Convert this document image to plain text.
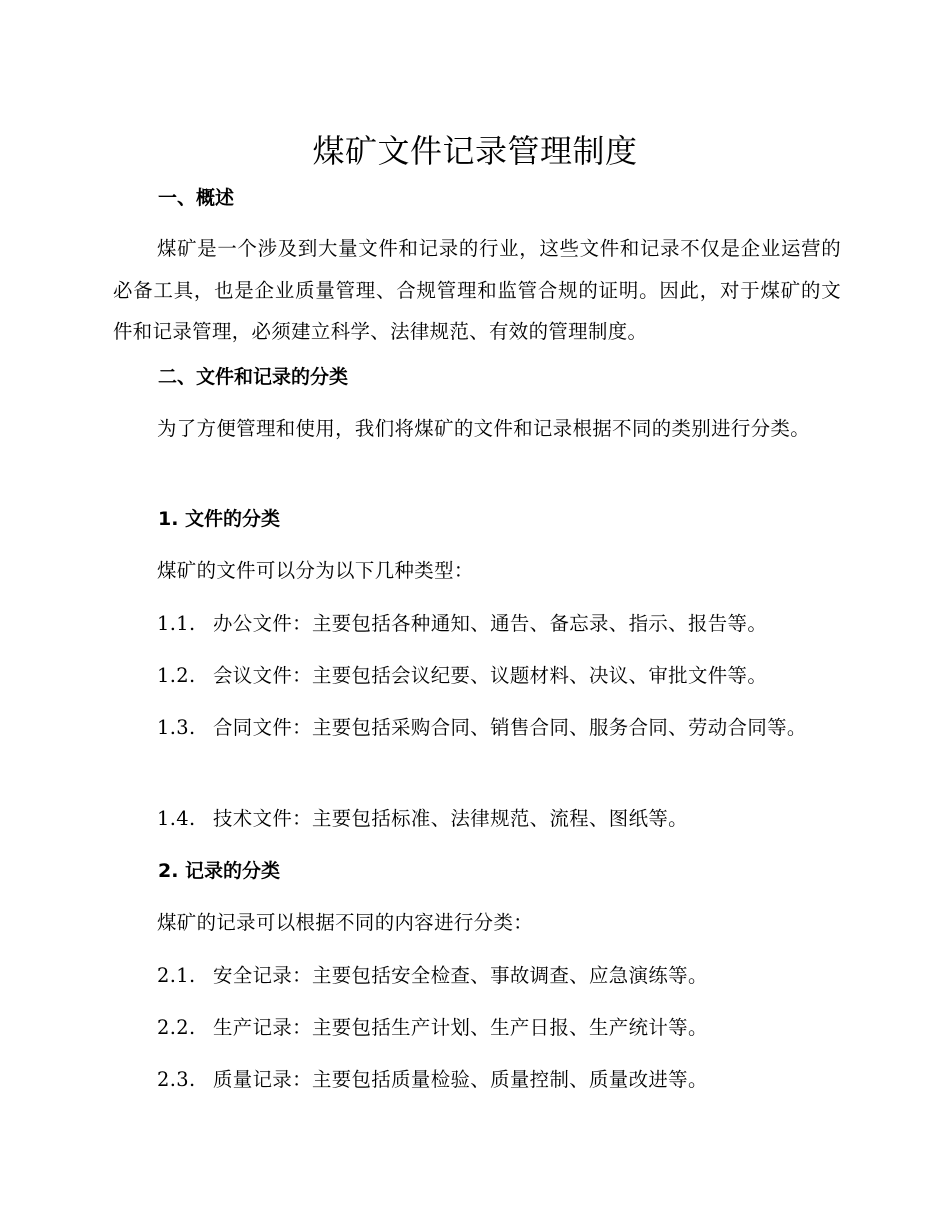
煤矿文件记录管理制度
一、概述
煤矿是一个涉及到大量文件和记录的行业，这些文件和记录不仅是企业运营的必备工具，也是企业质量管理、合规管理和监管合规的证明。因此，对于煤矿的文件和记录管理，必须建立科学、法律规范、有效的管理制度。
二、文件和记录的分类
为了方便管理和使用，我们将煤矿的文件和记录根据不同的类别进行分类。
1. 文件的分类
煤矿的文件可以分为以下几种类型：
1.1. 办公文件：主要包括各种通知、通告、备忘录、指示、报告等。
1.2. 会议文件：主要包括会议纪要、议题材料、决议、审批文件等。
1.3. 合同文件：主要包括采购合同、销售合同、服务合同、劳动合同等。
1.4. 技术文件：主要包括标准、法律规范、流程、图纸等。
2. 记录的分类
煤矿的记录可以根据不同的内容进行分类：
2.1. 安全记录：主要包括安全检查、事故调查、应急演练等。
2.2. 生产记录：主要包括生产计划、生产日报、生产统计等。
2.3. 质量记录：主要包括质量检验、质量控制、质量改进等。
